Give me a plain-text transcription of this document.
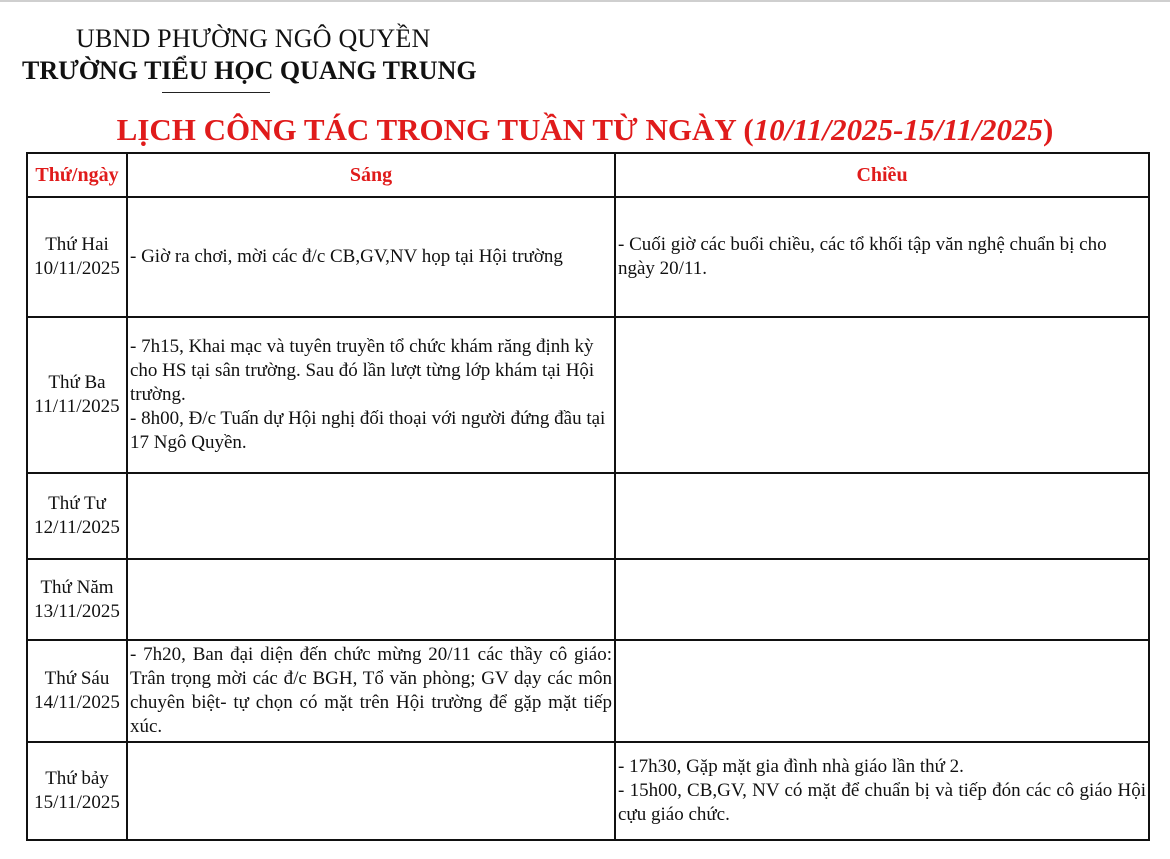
UBND PHƯỜNG NGÔ QUYỀN
TRƯỜNG TIỂU HỌC QUANG TRUNG
LỊCH CÔNG TÁC TRONG TUẦN TỪ NGÀY (10/11/2025-15/11/2025)
Thứ/ngày	Sáng	Chiều

Thứ Hai
10/11/2025	- Giờ ra chơi, mời các đ/c CB,GV,NV họp tại Hội trường	- Cuối giờ các buổi chiều, các tổ khối tập văn nghệ chuẩn bị cho ngày 20/11.

Thứ Ba
11/11/2025	- 7h15, Khai mạc và tuyên truyền tổ chức khám răng định kỳ cho HS tại sân trường. Sau đó lần lượt từng lớp khám tại Hội trường.
- 8h00, Đ/c Tuấn dự Hội nghị đối thoại với người đứng đầu tại 17 Ngô Quyền.	

Thứ Tư
12/11/2025		

Thứ Năm
13/11/2025		

Thứ Sáu
14/11/2025	- 7h20, Ban đại diện đến chức mừng 20/11 các thầy cô giáo: Trân trọng mời các đ/c BGH, Tổ văn phòng; GV dạy các môn chuyên biệt- tự chọn có mặt trên Hội trường để gặp mặt tiếp xúc.	

Thứ bảy
15/11/2025		- 17h30, Gặp mặt gia đình nhà giáo lần thứ 2.
- 15h00, CB,GV, NV có mặt để chuẩn bị và tiếp đón các cô giáo Hội cựu giáo chức.
